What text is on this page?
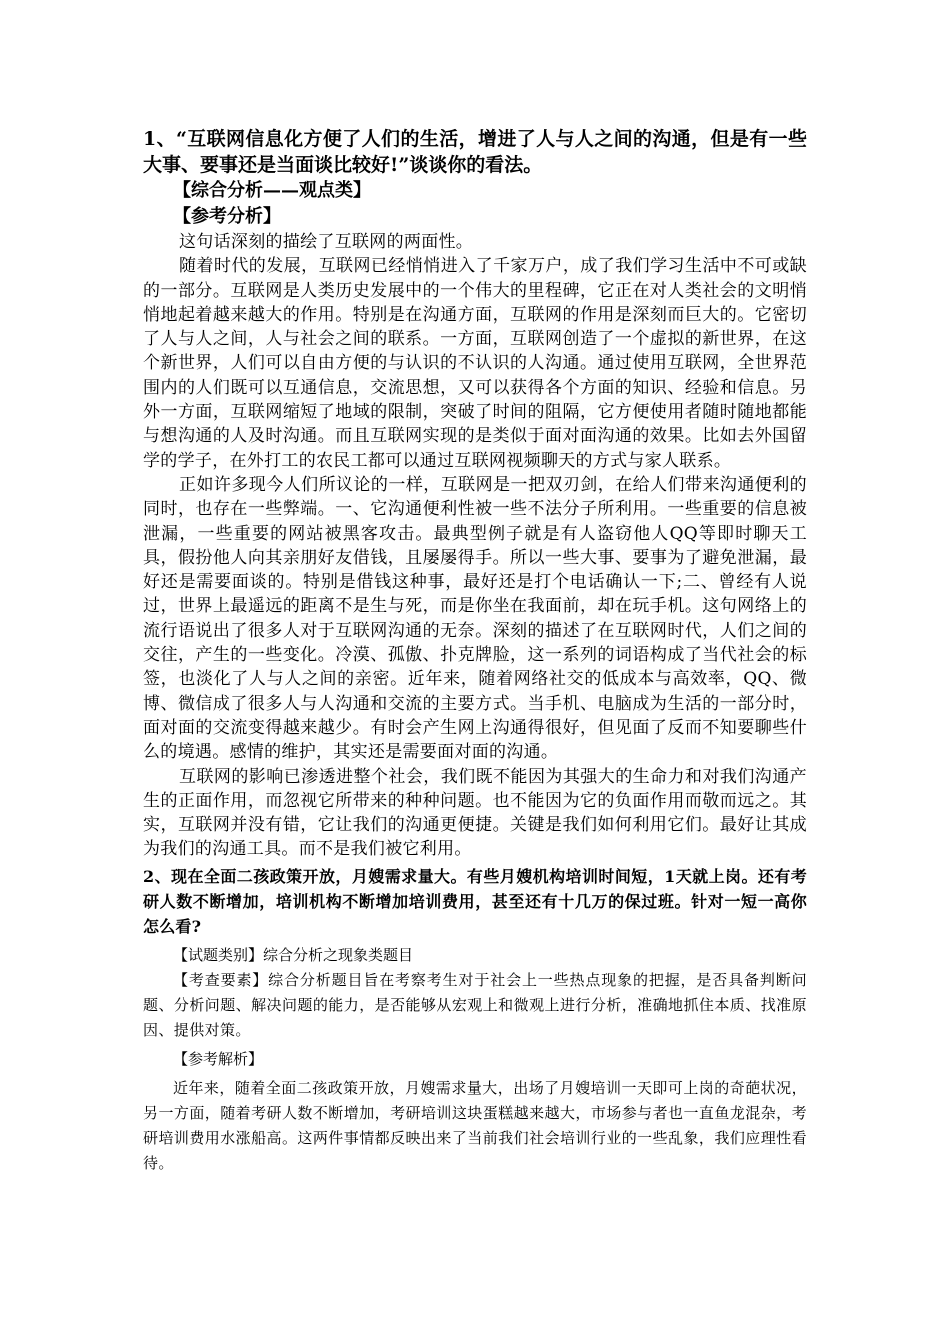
1、“互联网信息化方便了人们的生活，增进了人与人之间的沟通，但是有一些大事、要事还是当面谈比较好!”谈谈你的看法。

【综合分析——观点类】

【参考分析】

这句话深刻的描绘了互联网的两面性。

随着时代的发展，互联网已经悄悄进入了千家万户，成了我们学习生活中不可或缺的一部分。互联网是人类历史发展中的一个伟大的里程碑，它正在对人类社会的文明悄悄地起着越来越大的作用。特别是在沟通方面，互联网的作用是深刻而巨大的。它密切了人与人之间，人与社会之间的联系。一方面，互联网创造了一个虚拟的新世界，在这个新世界，人们可以自由方便的与认识的不认识的人沟通。通过使用互联网，全世界范围内的人们既可以互通信息，交流思想，又可以获得各个方面的知识、经验和信息。另外一方面，互联网缩短了地域的限制，突破了时间的阻隔，它方便使用者随时随地都能与想沟通的人及时沟通。而且互联网实现的是类似于面对面沟通的效果。比如去外国留学的学子，在外打工的农民工都可以通过互联网视频聊天的方式与家人联系。

正如许多现今人们所议论的一样，互联网是一把双刃剑，在给人们带来沟通便利的同时，也存在一些弊端。一、它沟通便利性被一些不法分子所利用。一些重要的信息被泄漏，一些重要的网站被黑客攻击。最典型例子就是有人盗窃他人QQ等即时聊天工具，假扮他人向其亲朋好友借钱，且屡屡得手。所以一些大事、要事为了避免泄漏，最好还是需要面谈的。特别是借钱这种事，最好还是打个电话确认一下;二、曾经有人说过，世界上最遥远的距离不是生与死，而是你坐在我面前，却在玩手机。这句网络上的流行语说出了很多人对于互联网沟通的无奈。深刻的描述了在互联网时代，人们之间的交往，产生的一些变化。冷漠、孤傲、扑克牌脸，这一系列的词语构成了当代社会的标签，也淡化了人与人之间的亲密。近年来，随着网络社交的低成本与高效率，QQ、微博、微信成了很多人与人沟通和交流的主要方式。当手机、电脑成为生活的一部分时，面对面的交流变得越来越少。有时会产生网上沟通得很好，但见面了反而不知要聊些什么的境遇。感情的维护，其实还是需要面对面的沟通。

互联网的影响已渗透进整个社会，我们既不能因为其强大的生命力和对我们沟通产生的正面作用，而忽视它所带来的种种问题。也不能因为它的负面作用而敬而远之。其实，互联网并没有错，它让我们的沟通更便捷。关键是我们如何利用它们。最好让其成为我们的沟通工具。而不是我们被它利用。

2、现在全面二孩政策开放，月嫂需求量大。有些月嫂机构培训时间短，1天就上岗。还有考研人数不断增加，培训机构不断增加培训费用，甚至还有十几万的保过班。针对一短一高你怎么看?

【试题类别】综合分析之现象类题目

【考查要素】综合分析题目旨在考察考生对于社会上一些热点现象的把握，是否具备判断问题、分析问题、解决问题的能力，是否能够从宏观上和微观上进行分析，准确地抓住本质、找准原因、提供对策。

【参考解析】

近年来，随着全面二孩政策开放，月嫂需求量大，出场了月嫂培训一天即可上岗的奇葩状况，另一方面，随着考研人数不断增加，考研培训这块蛋糕越来越大，市场参与者也一直鱼龙混杂，考研培训费用水涨船高。这两件事情都反映出来了当前我们社会培训行业的一些乱象，我们应理性看待。
